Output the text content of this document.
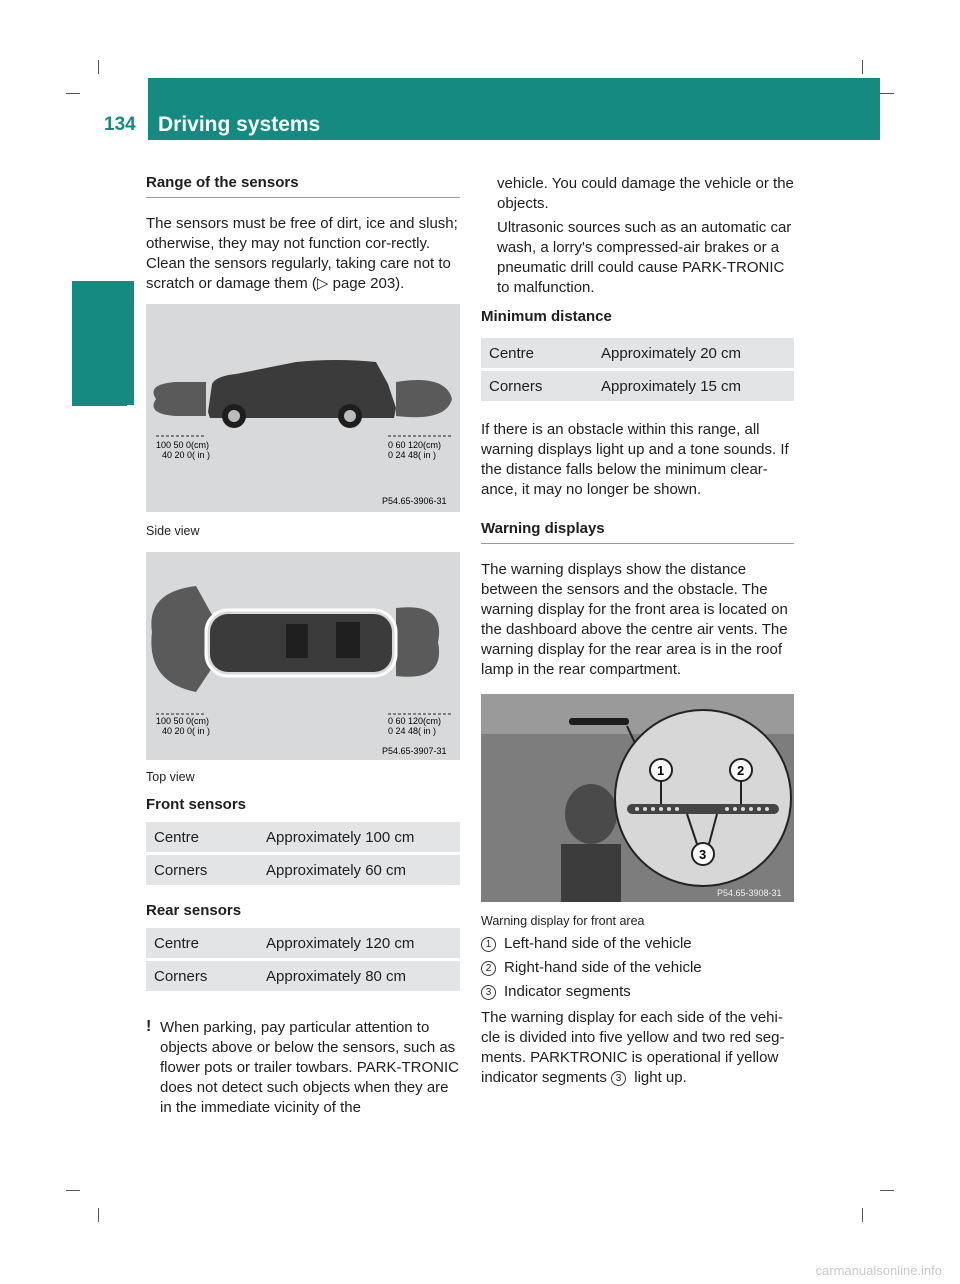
134 Driving systems
Controls
Range of the sensors

The sensors must be free of dirt, ice and slush; otherwise, they may not function cor-rectly. Clean the sensors regularly, taking care not to scratch or damage them (▷ page 203).

100 50 0(cm)
40 20 0( in )
0 60 120(cm)
0 24 48( in )
P54.65-3906-31
Side view
100 50 0(cm)
40 20 0( in )
0 60 120(cm)
0 24 48( in )
P54.65-3907-31
Top view
Front sensors
Centre	Approximately 100 cm
Corners	Approximately 60 cm
Rear sensors
Centre	Approximately 120 cm
Corners	Approximately 80 cm
! When parking, pay particular attention to objects above or below the sensors, such as flower pots or trailer towbars. PARK-TRONIC does not detect such objects when they are in the immediate vicinity of the

vehicle. You could damage the vehicle or the objects.

Ultrasonic sources such as an automatic car wash, a lorry's compressed-air brakes or a pneumatic drill could cause PARK-TRONIC to malfunction.

Minimum distance
Centre	Approximately 20 cm
Corners	Approximately 15 cm

If there is an obstacle within this range, all warning displays light up and a tone sounds. If the distance falls below the minimum clear-ance, it may no longer be shown.

Warning displays

The warning displays show the distance between the sensors and the obstacle. The warning display for the front area is located on the dashboard above the centre air vents. The warning display for the rear area is in the roof lamp in the rear compartment.

1	2
3
P54.65-3908-31
Warning display for front area
1 Left-hand side of the vehicle
2 Right-hand side of the vehicle
3 Indicator segments

The warning display for each side of the vehi-cle is divided into five yellow and two red seg-ments. PARKTRONIC is operational if yellow indicator segments 3 light up.

carmanualsonline.info
